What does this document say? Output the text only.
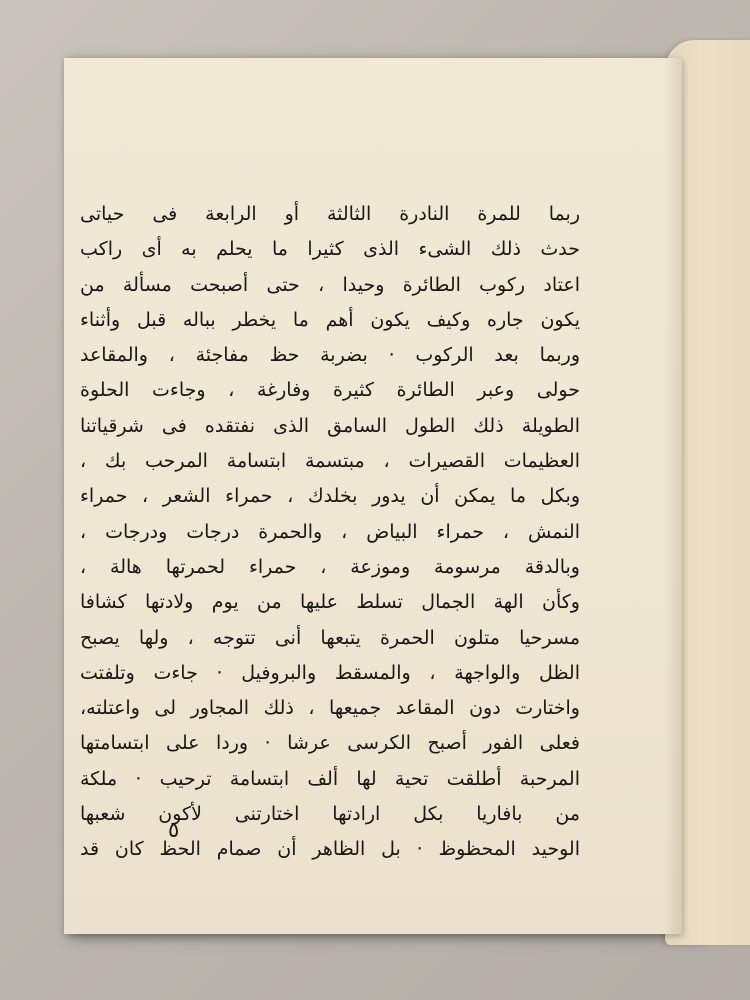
ربما للمرة النادرة الثالثة أو الرابعة فى حياتى
حدث ذلك الشىء الذى كثيرا ما يحلم به أى راكب
اعتاد ركوب الطائرة وحيدا ، حتى أصبحت مسألة من
يكون جاره وكيف يكون أهم ما يخطر بباله قبل وأثناء
وربما بعد الركوب · بضربة حظ مفاجئة ، والمقاعد
حولى وعبر الطائرة كثيرة وفارغة ، وجاءت الحلوة
الطويلة ذلك الطول السامق الذى نفتقده فى شرقياتنا
العظيمات القصيرات ، مبتسمة ابتسامة المرحب بك ،
وبكل ما يمكن أن يدور بخلدك ، حمراء الشعر ، حمراء
النمش ، حمراء البياض ، والحمرة درجات ودرجات ،
وبالدقة مرسومة وموزعة ، حمراء لحمرتها هالة ،
وكأن الهة الجمال تسلط عليها من يوم ولادتها كشافا
مسرحيا متلون الحمرة يتبعها أنى تتوجه ، ولها يصبح
الظل والواجهة ، والمسقط والبروفيل · جاءت وتلفتت
واختارت دون المقاعد جميعها ، ذلك المجاور لى واعتلته،
فعلى الفور أصبح الكرسى عرشا · وردا على ابتسامتها
المرحبة أطلقت تحية لها ألف ابتسامة ترحيب · ملكة
من بافاريا بكل ارادتها اختارتنى لأكون شعبها
الوحيد المحظوظ · بل الظاهر أن صمام الحظ كان قد
٥
